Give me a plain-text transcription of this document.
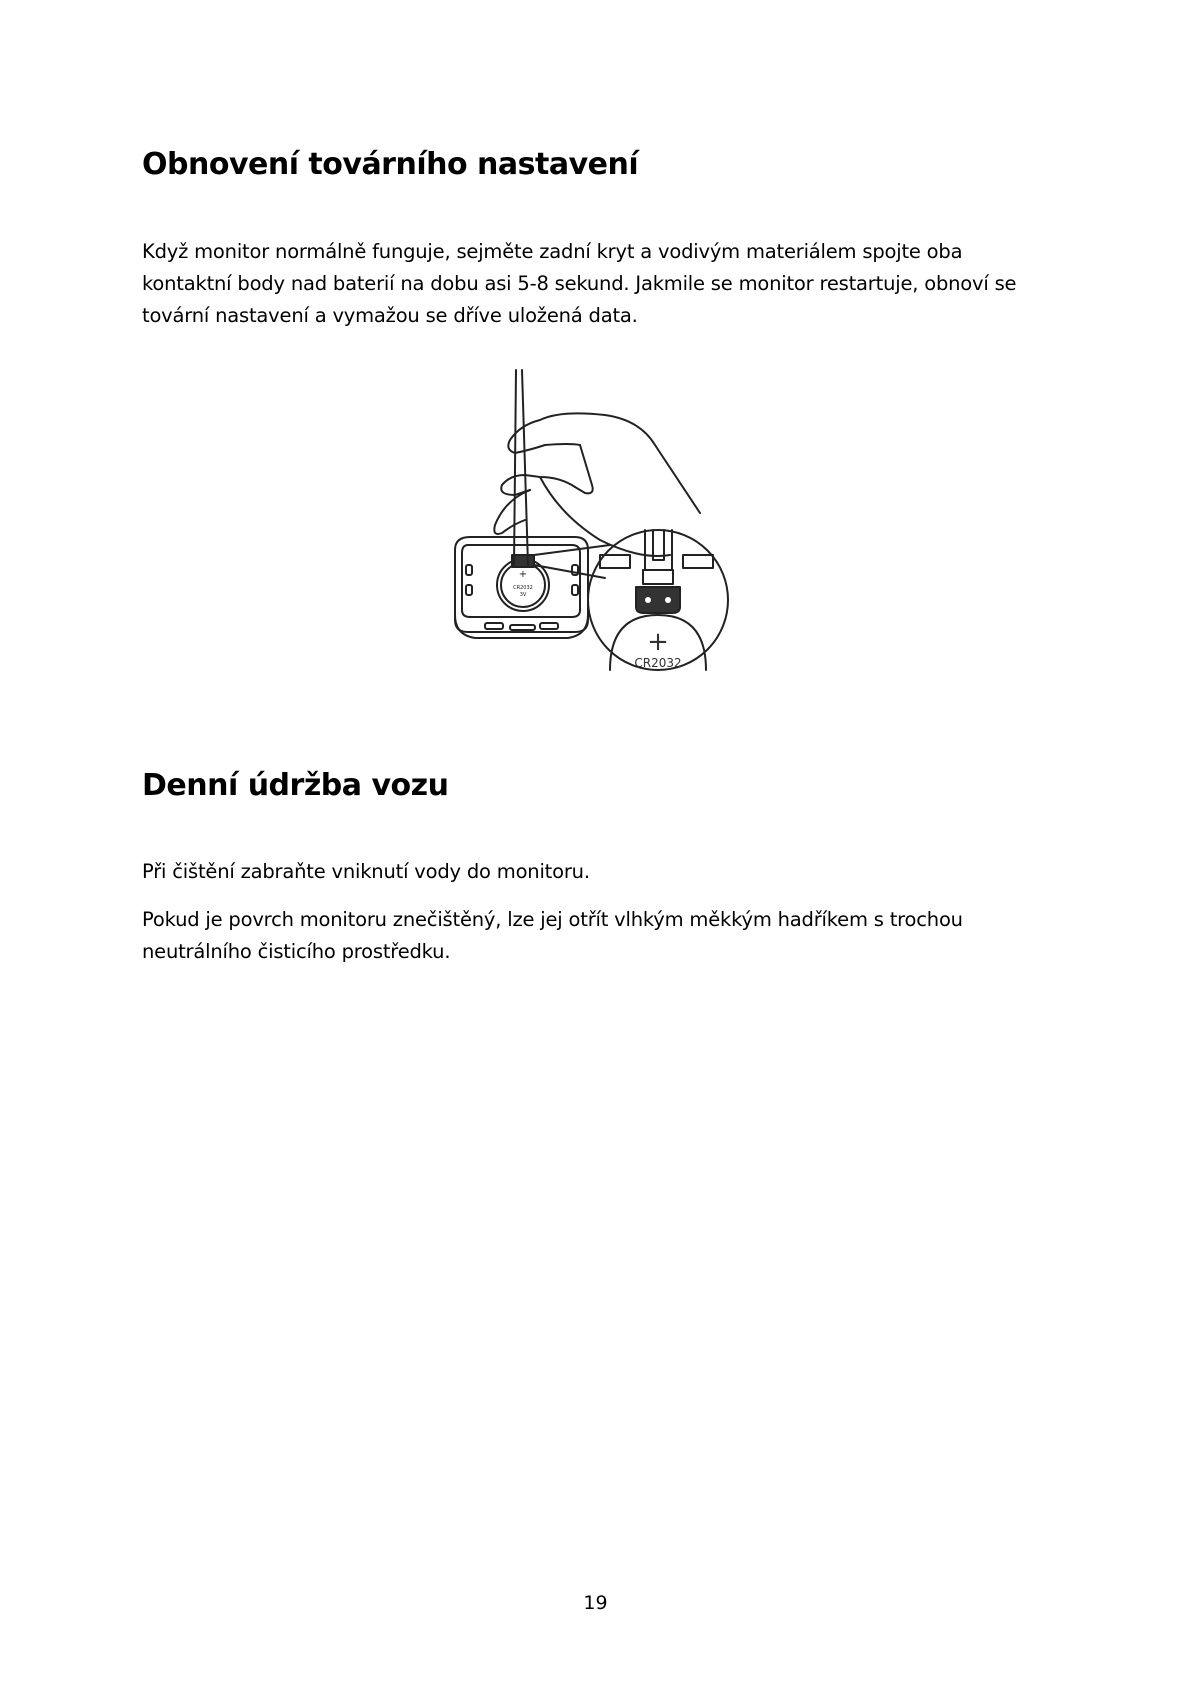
Obnovení továrního nastavení

Když monitor normálně funguje, sejměte zadní kryt a vodivým materiálem spojte oba
kontaktní body nad baterií na dobu asi 5-8 sekund. Jakmile se monitor restartuje, obnoví se
tovární nastavení a vymažou se dříve uložená data.

+
CR2032
3V
+
CR2032
Denní údržba vozu

Při čištění zabraňte vniknutí vody do monitoru.

Pokud je povrch monitoru znečištěný, lze jej otřít vlhkým měkkým hadříkem s trochou
neutrálního čisticího prostředku.

19
